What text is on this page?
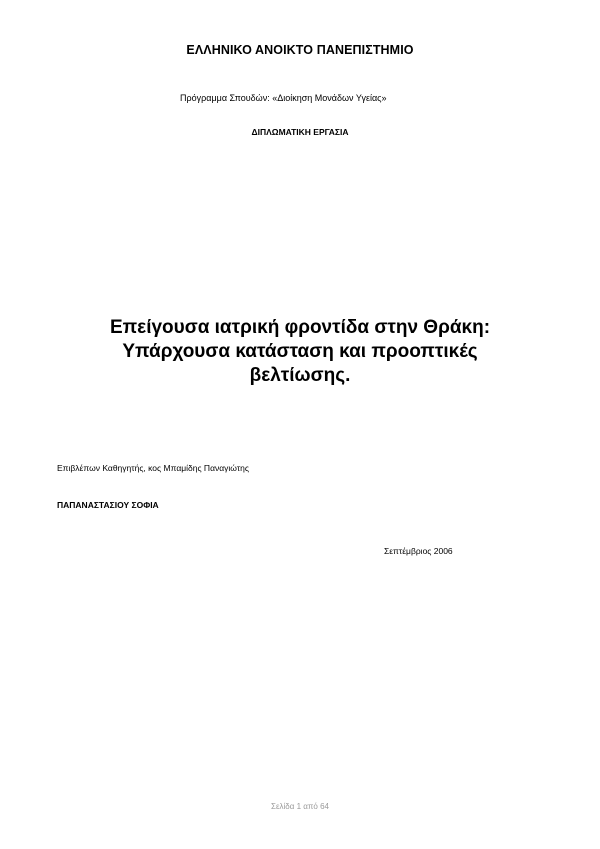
ΕΛΛΗΝΙΚΟ ΑΝΟΙΚΤΟ ΠΑΝΕΠΙΣΤΗΜΙΟ
Πρόγραμμα Σπουδών: «Διοίκηση Μονάδων Υγείας»
ΔΙΠΛΩΜΑΤΙΚΗ ΕΡΓΑΣΙΑ
Επείγουσα ιατρική φροντίδα στην Θράκη:
Υπάρχουσα κατάσταση και προοπτικές
βελτίωσης.
Επιβλέπων Καθηγητής, κος Μπαμίδης Παναγιώτης
ΠΑΠΑΝΑΣΤΑΣΙΟΥ ΣΟΦΙΑ
Σεπτέμβριος 2006
Σελίδα 1 από 64
